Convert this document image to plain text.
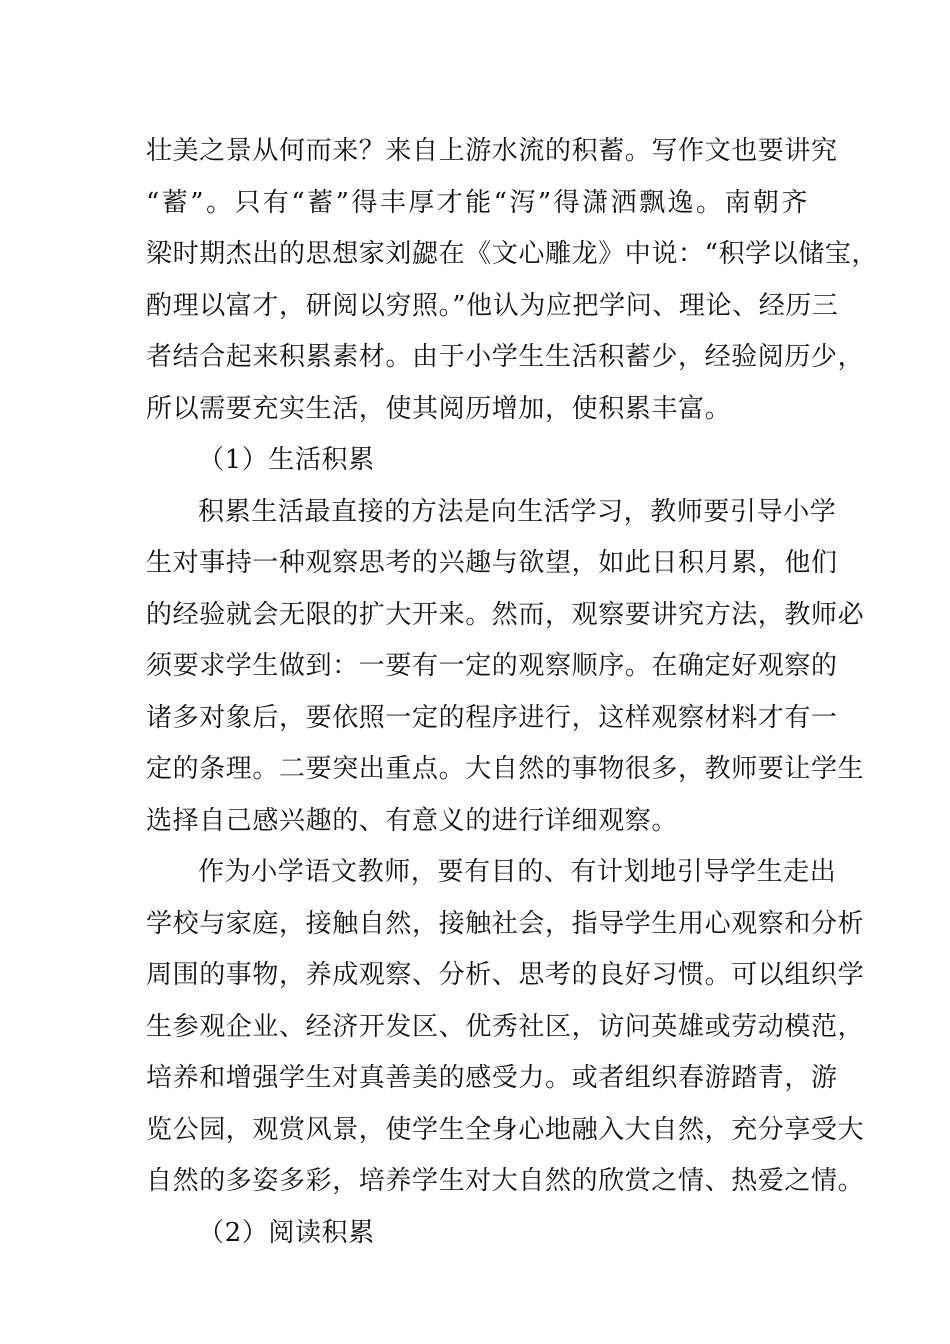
壮美之景从何而来？来自上游水流的积蓄。写作文也要讲究
“蓄”。只有“蓄”得丰厚才能“泻”得潇洒飘逸。南朝齐
梁时期杰出的思想家刘勰在《文心雕龙》中说：“积学以储宝，
酌理以富才，研阅以穷照。”他认为应把学问、理论、经历三
者结合起来积累素材。由于小学生生活积蓄少，经验阅历少，
所以需要充实生活，使其阅历增加，使积累丰富。
（1）生活积累
积累生活最直接的方法是向生活学习，教师要引导小学
生对事持一种观察思考的兴趣与欲望，如此日积月累，他们
的经验就会无限的扩大开来。然而，观察要讲究方法，教师必
须要求学生做到：一要有一定的观察顺序。在确定好观察的
诸多对象后，要依照一定的程序进行，这样观察材料才有一
定的条理。二要突出重点。大自然的事物很多，教师要让学生
选择自己感兴趣的、有意义的进行详细观察。
作为小学语文教师，要有目的、有计划地引导学生走出
学校与家庭，接触自然，接触社会，指导学生用心观察和分析
周围的事物，养成观察、分析、思考的良好习惯。可以组织学
生参观企业、经济开发区、优秀社区，访问英雄或劳动模范，
培养和增强学生对真善美的感受力。或者组织春游踏青，游
览公园，观赏风景，使学生全身心地融入大自然，充分享受大
自然的多姿多彩，培养学生对大自然的欣赏之情、热爱之情。
（2）阅读积累
